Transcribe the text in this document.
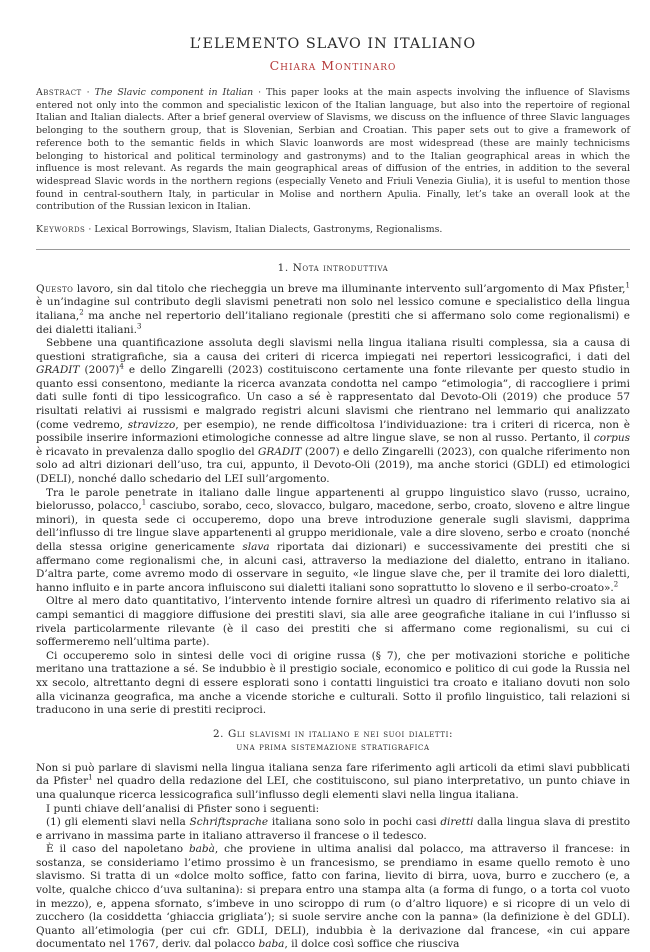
L’ELEMENTO SLAVO IN ITALIANO
Chiara Montinaro

Abstract · The Slavic component in Italian · This paper looks at the main aspects involving the influence of Slavisms entered not only into the common and specialistic lexicon of the Italian language, but also into the repertoire of regional Italian and Italian dialects. After a brief general overview of Slavisms, we discuss on the influence of three Slavic languages belonging to the southern group, that is Slovenian, Serbian and Croatian. This paper sets out to give a framework of reference both to the semantic fields in which Slavic loanwords are most widespread (these are mainly technicisms belonging to historical and political terminology and gastronyms) and to the Italian geographical areas in which the influence is most relevant. As regards the main geographical areas of diffusion of the entries, in addition to the several widespread Slavic words in the northern regions (especially Veneto and Friuli Venezia Giulia), it is useful to mention those found in central-southern Italy, in particular in Molise and northern Apulia. Finally, let’s take an overall look at the contribution of the Russian lexicon in Italian.

Keywords · Lexical Borrowings, Slavism, Italian Dialects, Gastronyms, Regionalisms.

1. Nota introduttiva

Questo lavoro, sin dal titolo che riecheggia un breve ma illuminante intervento sull’argomento di Max Pfister,$^1$ è un’indagine sul contributo degli slavismi penetrati non solo nel lessico comune e specialistico della lingua italiana,$^2$ ma anche nel repertorio dell’italiano regionale (prestiti che si affermano solo come regionalismi) e dei dialetti italiani.$^3$

Sebbene una quantificazione assoluta degli slavismi nella lingua italiana risulti complessa, sia a causa di questioni stratigrafiche, sia a causa dei criteri di ricerca impiegati nei repertori lessicografici, i dati del GRADIT $(2007)^4$ e dello Zingarelli (2023) costituiscono certamente una fonte rilevante per questo studio in quanto essi consentono, mediante la ricerca avanzata condotta nel campo “etimologia”, di raccogliere i primi dati sulle fonti di tipo lessicografico. Un caso a sé è rappresentato dal Devoto-Oli (2019) che produce 57 risultati relativi ai russismi e malgrado registri alcuni slavismi che rientrano nel lemmario qui analizzato (come vedremo, stravizzo, per esempio), ne rende difficoltosa l’individuazione: tra i criteri di ricerca, non è possibile inserire informazioni etimologiche connesse ad altre lingue slave, se non al russo. Pertanto, il corpus è ricavato in prevalenza dallo spoglio del GRADIT (2007) e dello Zingarelli (2023), con qualche riferimento non solo ad altri dizionari dell’uso, tra cui, appunto, il Devoto-Oli (2019), ma anche storici (GDLI) ed etimologici (DELI), nonché dallo schedario del LEI sull’argomento.

Tra le parole penetrate in italiano dalle lingue appartenenti al gruppo linguistico slavo (russo, ucraino, bielorusso, polacco,$^1$ casciubo, sorabo, ceco, slovacco, bulgaro, macedone, serbo, croato, sloveno e altre lingue minori), in questa sede ci occuperemo, dopo una breve introduzione generale sugli slavismi, dapprima dell’influsso di tre lingue slave appartenenti al gruppo meridionale, vale a dire sloveno, serbo e croato (nonché della stessa origine genericamente slava riportata dai dizionari) e successivamente dei prestiti che si affermano come regionalismi che, in alcuni casi, attraverso la mediazione del dialetto, entrano in italiano. D’altra parte, come avremo modo di osservare in seguito, «le lingue slave che, per il tramite dei loro dialetti, hanno influito e in parte ancora influiscono sui dialetti italiani sono soprattutto lo sloveno e il serbo-croato».$^2$

Oltre al mero dato quantitativo, l’intervento intende fornire altresì un quadro di riferimento relativo sia ai campi semantici di maggiore diffusione dei prestiti slavi, sia alle aree geografiche italiane in cui l’influsso si rivela particolarmente rilevante (è il caso dei prestiti che si affermano come regionalismi, su cui ci soffermeremo nell’ultima parte).

Ci occuperemo solo in sintesi delle voci di origine russa (§ 7), che per motivazioni storiche e politiche meritano una trattazione a sé. Se indubbio è il prestigio sociale, economico e politico di cui gode la Russia nel xx secolo, altrettanto degni di essere esplorati sono i contatti linguistici tra croato e italiano dovuti non solo alla vicinanza geografica, ma anche a vicende storiche e culturali. Sotto il profilo linguistico, tali relazioni si traducono in una serie di prestiti reciproci.

2. Gli slavismi in italiano e nei suoi dialetti:
una prima sistemazione stratigrafica

Non si può parlare di slavismi nella lingua italiana senza fare riferimento agli articoli da etimi slavi pubblicati da Pfister$^1$ nel quadro della redazione del LEI, che costituiscono, sul piano interpretativo, un punto chiave in una qualunque ricerca lessicografica sull’influsso degli elementi slavi nella lingua italiana.

I punti chiave dell’analisi di Pfister sono i seguenti:

(1) gli elementi slavi nella Schriftsprache italiana sono solo in pochi casi diretti dalla lingua slava di prestito e arrivano in massima parte in italiano attraverso il francese o il tedesco.

È il caso del napoletano babà, che proviene in ultima analisi dal polacco, ma attraverso il francese: in sostanza, se consideriamo l’etimo prossimo è un francesismo, se prendiamo in esame quello remoto è uno slavismo. Si tratta di un «dolce molto soffice, fatto con farina, lievito di birra, uova, burro e zucchero (e, a volte, qualche chicco d’uva sultanina): si prepara entro una stampa alta (a forma di fungo, o a torta col vuoto in mezzo), e, appena sfornato, s’imbeve in uno sciroppo di rum (o d’altro liquore) e si ricopre di un velo di zucchero (la cosiddetta ‘ghiaccia grigliata’); si suole servire anche con la panna» (la definizione è del GDLI). Quanto all’etimologia (per cui cfr. GDLI, DELI), indubbia è la derivazione dal francese, «in cui appare documentato nel 1767, deriv. dal polacco baba, il dolce così soffice che riusciva
